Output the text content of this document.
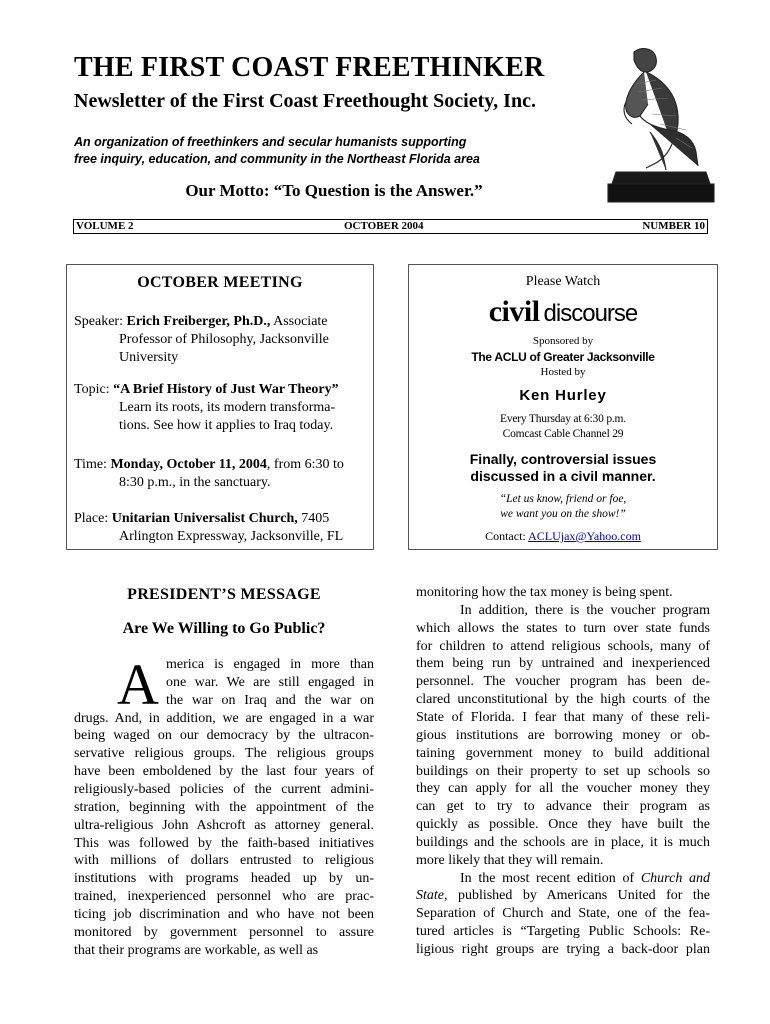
THE FIRST COAST FREETHINKER
Newsletter of the First Coast Freethought Society, Inc.
An organization of freethinkers and secular humanists supporting
free inquiry, education, and community in the Northeast Florida area
Our Motto: “To Question is the Answer.”
VOLUME 2	OCTOBER 2004	NUMBER 10
OCTOBER MEETING
Speaker: Erich Freiberger, Ph.D., Associate
Professor of Philosophy, Jacksonville
University
Topic: “A Brief History of Just War Theory”
Learn its roots, its modern transforma-
tions. See how it applies to Iraq today.
Time: Monday, October 11, 2004, from 6:30 to
8:30 p.m., in the sanctuary.
Place: Unitarian Universalist Church, 7405
Arlington Expressway, Jacksonville, FL
Please Watch
civil discourse
Sponsored by
The ACLU of Greater Jacksonville
Hosted by
Ken Hurley
Every Thursday at 6:30 p.m.
Comcast Cable Channel 29
Finally, controversial issues
discussed in a civil manner.
“Let us know, friend or foe,
we want you on the show!”
Contact: ACLUjax@Yahoo.com
PRESIDENT’S MESSAGE
Are We Willing to Go Public?
A merica is engaged in more than
one war. We are still engaged in
the war on Iraq and the war on
drugs. And, in addition, we are engaged in a war
being waged on our democracy by the ultracon-
servative religious groups. The religious groups
have been emboldened by the last four years of
religiously-based policies of the current admini-
stration, beginning with the appointment of the
ultra-religious John Ashcroft as attorney general.
This was followed by the faith-based initiatives
with millions of dollars entrusted to religious
institutions with programs headed up by un-
trained, inexperienced personnel who are prac-
ticing job discrimination and who have not been
monitored by government personnel to assure
that their programs are workable, as well as
monitoring how the tax money is being spent.
In addition, there is the voucher program
which allows the states to turn over state funds
for children to attend religious schools, many of
them being run by untrained and inexperienced
personnel. The voucher program has been de-
clared unconstitutional by the high courts of the
State of Florida. I fear that many of these reli-
gious institutions are borrowing money or ob-
taining government money to build additional
buildings on their property to set up schools so
they can apply for all the voucher money they
can get to try to advance their program as
quickly as possible. Once they have built the
buildings and the schools are in place, it is much
more likely that they will remain.
In the most recent edition of Church and
State, published by Americans United for the
Separation of Church and State, one of the fea-
tured articles is “Targeting Public Schools: Re-
ligious right groups are trying a back-door plan
